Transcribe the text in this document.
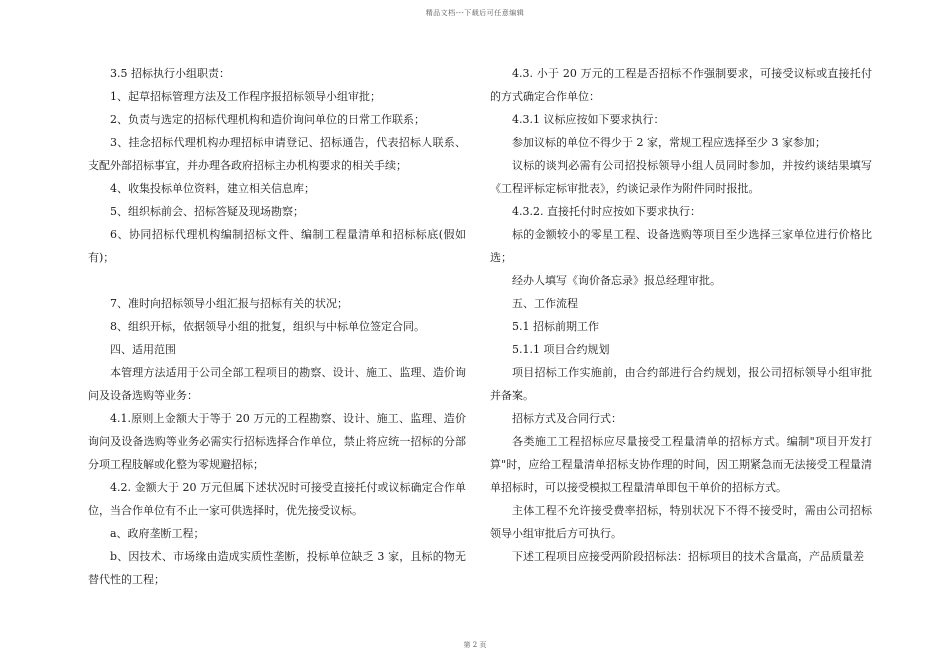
精品文档---下载后可任意编辑

3.5 招标执行小组职责：

1、起草招标管理方法及工作程序报招标领导小组审批；

2、负责与选定的招标代理机构和造价询问单位的日常工作联系；

3、挂念招标代理机构办理招标申请登记、招标通告，代表招标人联系、支配外部招标事宜，并办理各政府招标主办机构要求的相关手续；

4、收集投标单位资料，建立相关信息库；

5、组织标前会、招标答疑及现场勘察；

6、协同招标代理机构编制招标文件、编制工程量清单和招标标底(假如有)；

7、准时向招标领导小组汇报与招标有关的状况；

8、组织开标，依据领导小组的批复，组织与中标单位签定合同。

四、适用范围

本管理方法适用于公司全部工程项目的勘察、设计、施工、监理、造价询问及设备选购等业务：

4.1.原则上金额大于等于 20 万元的工程勘察、设计、施工、监理、造价询问及设备选购等业务必需实行招标选择合作单位，禁止将应统一招标的分部分项工程肢解或化整为零规避招标；

4.2. 金额大于 20 万元但属下述状况时可接受直接托付或议标确定合作单位，当合作单位有不止一家可供选择时，优先接受议标。

a、政府垄断工程；

b、因技术、市场缘由造成实质性垄断，投标单位缺乏 3 家，且标的物无替代性的工程；

4.3. 小于 20 万元的工程是否招标不作强制要求，可接受议标或直接托付的方式确定合作单位：

4.3.1 议标应按如下要求执行：

参加议标的单位不得少于 2 家，常规工程应选择至少 3 家参加；

议标的谈判必需有公司招投标领导小组人员同时参加，并按约谈结果填写《工程评标定标审批表》，约谈记录作为附件同时报批。

4.3.2. 直接托付时应按如下要求执行：

标的金额较小的零星工程、设备选购等项目至少选择三家单位进行价格比选；

经办人填写《询价备忘录》报总经理审批。

五、工作流程

5.1 招标前期工作

5.1.1 项目合约规划

项目招标工作实施前，由合约部进行合约规划，报公司招标领导小组审批并备案。

招标方式及合同行式：

各类施工工程招标应尽量接受工程量清单的招标方式。编制"项目开发打算"时，应给工程量清单招标支协作理的时间，因工期紧急而无法接受工程量清单招标时，可以接受模拟工程量清单即包干单价的招标方式。

主体工程不允许接受费率招标，特别状况下不得不接受时，需由公司招标领导小组审批后方可执行。

下述工程项目应接受两阶段招标法：招标项目的技术含量高，产品质量差

第 2 页
